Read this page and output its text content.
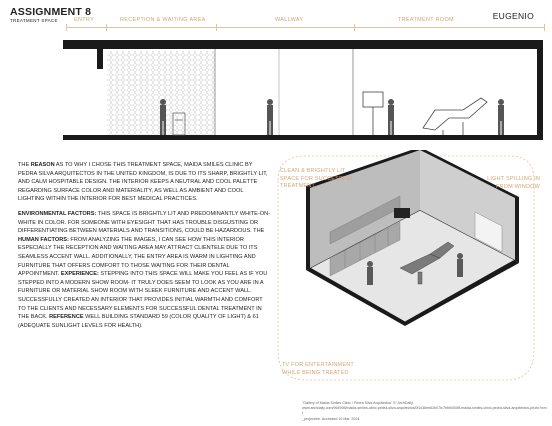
ASSIGNMENT 8
TREATMENT SPACE	EUGENIO
ENTRY	RECEPTION & WAITING AREA	WALLWAY	TREATMENT ROOM

THE REASON AS TO WHY I CHOSE THIS TREATMENT SPACE, MAIDA SMILES CLINIC BY PEDRA SILVA ARQUITECTOS IN THE UNITED KINGDOM, IS DUE TO ITS SHARP, BRIGHTLY LIT, AND CALM HOSPITABLE DESIGN. THE INTERIOR KEEPS A NEUTRAL AND COOL PALETTE REGARDING SURFACE COLOR AND MATERIALITY, AS WELL AS AMBIENT AND COOL LIGHTING WITHIN THE INTERIOR FOR BEST MEDICAL PRACTICES.

ENVIRONMENTAL FACTORS: THIS SPACE IS BRIGHTLY LIT AND PREDOMINANTLY WHITE-ON-WHITE IN COLOR. FOR SOMEONE WITH EYESIGHT THAT HAS TROUBLE DISGUSTING OR DIFFERENTIATING BETWEEN MATERIALS AND TRANSITIONS, COULD BE HAZARDOUS. THE HUMAN FACTORS: FROM ANALYZING THE IMAGES, I CAN SEE HOW THIS INTERIOR ESPECIALLY THE RECEPTION AND WAITING AREA MAY ATTRACT CLIENTELE DUE TO ITS SEAMLESS ACCENT WALL. ADDITIONALLY, THE ENTRY AREA IS WARM IN LIGHTING AND FURNITURE THAT OFFERS COMFORT TO THOSE WAITING FOR THEIR DENTAL APPOINTMENT. EXPERIENCE: STEPPING INTO THIS SPACE WILL MAKE YOU FEEL AS IF YOU STEPPED INTO A MODERN SHOW ROOM- IT TRULY DOES SEEM TO LOOK AS YOU ARE IN A FURNITURE OR MATERIAL SHOW ROOM WITH SLEEK FURNITURE AND ACCENT WALL. SUCCESSFULLY CREATED AN INTERIOR THAT PROVIDES INITIAL WARMTH AND COMFORT TO THE CLIENTS AND NECESSARY ELEMENTS FOR SUCCESSFUL DENTAL TREATMENT IN THE BACK. REFERENCE WELL BUILDING STANDARD 59 (COLOR QUALITY OF LIGHT) & 61 (ADEQUATE SUNLIGHT LEVELS FOR HEALTH).

CLEAN & BRIGHTLY LIT SPACE FOR SUCCESSFUL TREATMENT
LIGHT SPILLING IN FROM WINDOW
TV FOR ENTERTAINMENT WHILE BEING TREATED
"Gallery of Maida Smiles Clinic / Pedra Silva Arquitectos" 5" ArchDaily,
www.archdaily.com/964998/maida-smiles-clinic-pedra-silva-arquitectos/0f1c38ee62b07fc7bb60008f-maida-smiles-clinic-pedra-silva-arquitectos-photo?next
_projectree. Accessed 10 Mar. 2024.
